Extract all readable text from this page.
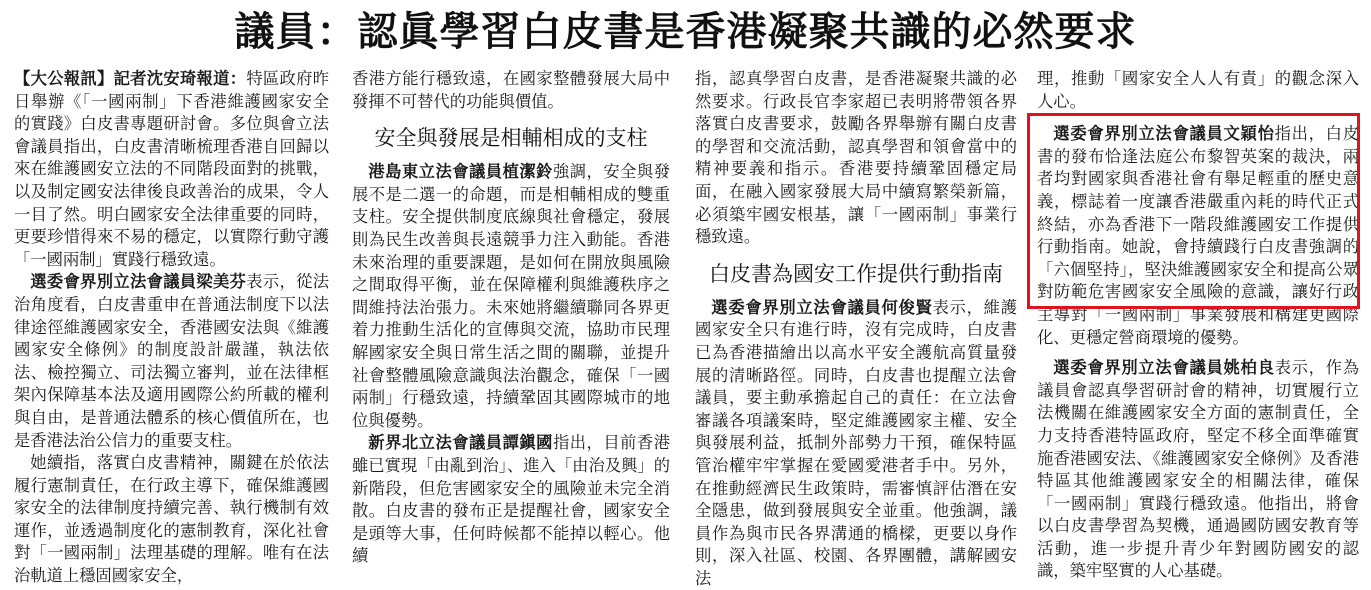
議員：認眞學習白皮書是香港凝聚共識的必然要求

【大公報訊】記者沈安琦報道：特區政府昨日舉辦《「一國兩制」下香港維護國家安全的實踐》白皮書專題研討會。多位與會立法會議員指出，白皮書清晰梳理香港自回歸以來在維護國安立法的不同階段面對的挑戰，以及制定國安法律後良政善治的成果，令人一目了然。明白國家安全法律重要的同時，更要珍惜得來不易的穩定，以實際行動守護「一國兩制」實踐行穩致遠。

選委會界別立法會議員梁美芬表示，從法治角度看，白皮書重申在普通法制度下以法律途徑維護國家安全，香港國安法與《維護國家安全條例》的制度設計嚴謹，執法依法、檢控獨立、司法獨立審判，並在法律框架內保障基本法及適用國際公約所載的權利與自由，是普通法體系的核心價值所在，也是香港法治公信力的重要支柱。

她續指，落實白皮書精神，關鍵在於依法履行憲制責任，在行政主導下，確保維護國家安全的法律制度持續完善、執行機制有效運作，並透過制度化的憲制教育，深化社會對「一國兩制」法理基礎的理解。唯有在法治軌道上穩固國家安全，

香港方能行穩致遠，在國家整體發展大局中發揮不可替代的功能與價值。

安全與發展是相輔相成的支柱

港島東立法會議員植潔鈴強調，安全與發展不是二選一的命題，而是相輔相成的雙重支柱。安全提供制度底線與社會穩定，發展則為民生改善與長遠競爭力注入動能。香港未來治理的重要課題，是如何在開放與風險之間取得平衡，並在保障權利與維護秩序之間維持法治張力。未來她將繼續聯同各界更着力推動生活化的宣傳與交流，協助市民理解國家安全與日常生活之間的關聯，並提升社會整體風險意識與法治觀念，確保「一國兩制」行穩致遠，持續鞏固其國際城市的地位與優勢。

新界北立法會議員譚鎭國指出，目前香港雖已實現「由亂到治」、進入「由治及興」的新階段，但危害國家安全的風險並未完全消散。白皮書的發布正是提醒社會，國家安全是頭等大事，任何時候都不能掉以輕心。他續

指，認真學習白皮書，是香港凝聚共識的必然要求。行政長官李家超已表明將帶領各界落實白皮書要求，鼓勵各界舉辦有關白皮書的學習和交流活動，認真學習和領會當中的精神要義和指示。香港要持續鞏固穩定局面，在融入國家發展大局中續寫繁榮新篇，必須築牢國安根基，讓「一國兩制」事業行穩致遠。

白皮書為國安工作提供行動指南

選委會界別立法會議員何俊賢表示，維護國家安全只有進行時，沒有完成時，白皮書已為香港描繪出以高水平安全護航高質量發展的清晰路徑。同時，白皮書也提醒立法會議員，要主動承擔起自己的責任：在立法會審議各項議案時，堅定維護國家主權、安全與發展利益，抵制外部勢力干預，確保特區管治權牢牢掌握在愛國愛港者手中。另外，在推動經濟民生政策時，需審慎評估潛在安全隱患，做到發展與安全並重。他強調，議員作為與市民各界溝通的橋樑，更要以身作則，深入社區、校園、各界團體，講解國安法

理，推動「國家安全人人有責」的觀念深入人心。

選委會界別立法會議員文穎怡指出，白皮書的發布恰逢法庭公布黎智英案的裁決，兩者均對國家與香港社會有舉足輕重的歷史意義，標誌着一度讓香港嚴重內耗的時代正式終結，亦為香港下一階段維護國安工作提供行動指南。她說，會持續踐行白皮書強調的「六個堅持」，堅決維護國家安全和提高公眾對防範危害國家安全風險的意識，讓好行政主導對「一國兩制」事業發展和構建更國際化、更穩定營商環境的優勢。

選委會界別立法會議員姚柏良表示，作為議員會認真學習研討會的精神，切實履行立法機關在維護國家安全方面的憲制責任，全力支持香港特區政府，堅定不移全面準確實施香港國安法、《維護國家安全條例》及香港特區其他維護國家安全的相關法律，確保「一國兩制」實踐行穩致遠。他指出，將會以白皮書學習為契機，通過國防國安教育等活動，進一步提升青少年對國防國安的認識，築牢堅實的人心基礎。
